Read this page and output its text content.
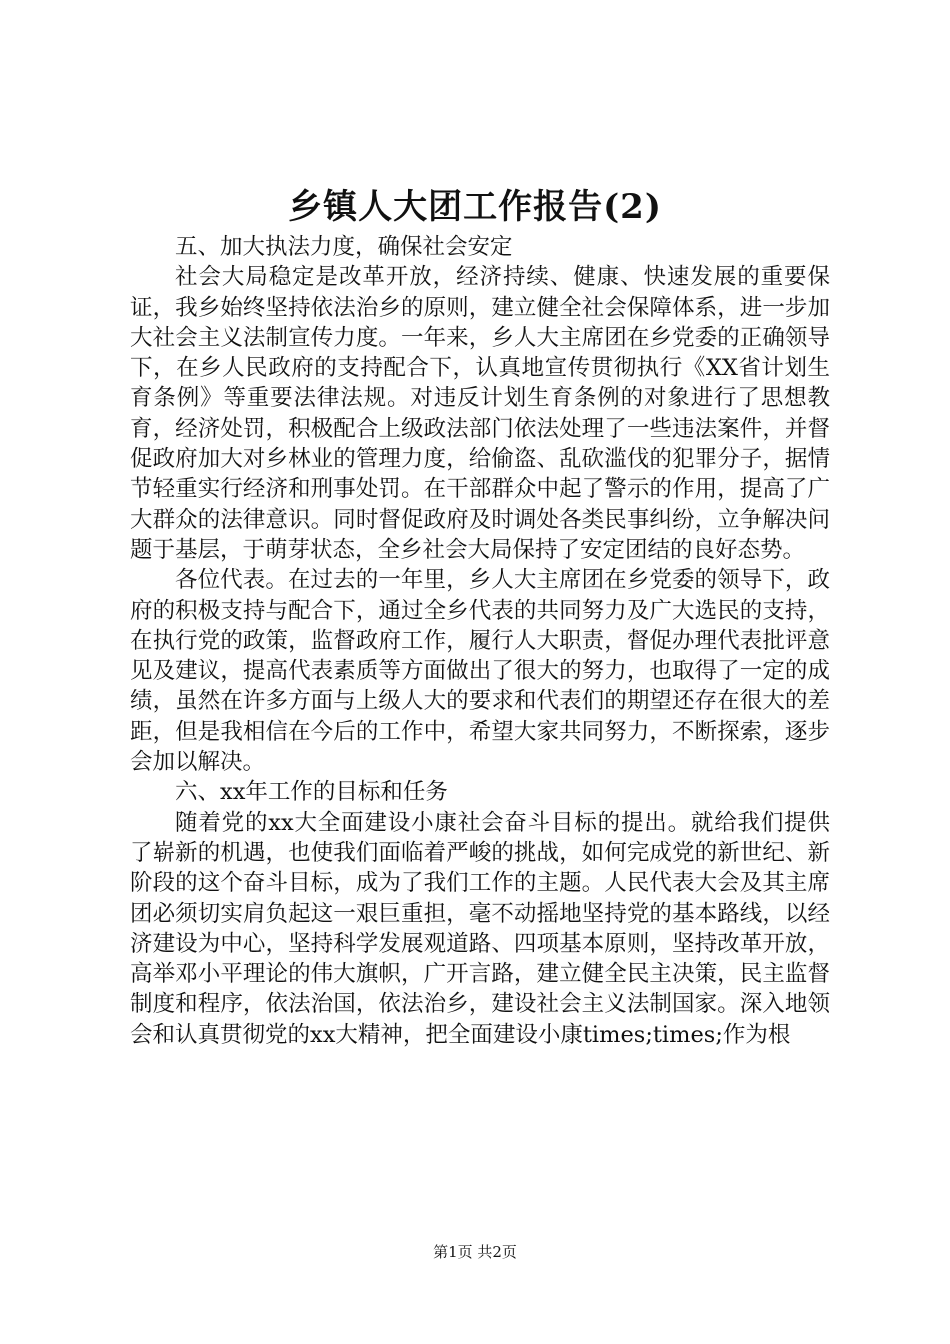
乡镇人大团工作报告(2)

五、加大执法力度，确保社会安定

社会大局稳定是改革开放，经济持续、健康、快速发展的重要保证，我乡始终坚持依法治乡的原则，建立健全社会保障体系，进一步加大社会主义法制宣传力度。一年来，乡人大主席团在乡党委的正确领导下，在乡人民政府的支持配合下，认真地宣传贯彻执行《XX省计划生育条例》等重要法律法规。对违反计划生育条例的对象进行了思想教育，经济处罚，积极配合上级政法部门依法处理了一些违法案件，并督促政府加大对乡林业的管理力度，给偷盗、乱砍滥伐的犯罪分子，据情节轻重实行经济和刑事处罚。在干部群众中起了警示的作用，提高了广大群众的法律意识。同时督促政府及时调处各类民事纠纷，立争解决问题于基层，于萌芽状态，全乡社会大局保持了安定团结的良好态势。

各位代表。在过去的一年里，乡人大主席团在乡党委的领导下，政府的积极支持与配合下，通过全乡代表的共同努力及广大选民的支持，在执行党的政策，监督政府工作，履行人大职责，督促办理代表批评意见及建议，提高代表素质等方面做出了很大的努力，也取得了一定的成绩，虽然在许多方面与上级人大的要求和代表们的期望还存在很大的差距，但是我相信在今后的工作中，希望大家共同努力，不断探索，逐步会加以解决。

六、xx年工作的目标和任务

随着党的xx大全面建设小康社会奋斗目标的提出。就给我们提供了崭新的机遇，也使我们面临着严峻的挑战，如何完成党的新世纪、新阶段的这个奋斗目标，成为了我们工作的主题。人民代表大会及其主席团必须切实肩负起这一艰巨重担，毫不动摇地坚持党的基本路线，以经济建设为中心，坚持科学发展观道路、四项基本原则，坚持改革开放，高举邓小平理论的伟大旗帜，广开言路，建立健全民主决策，民主监督制度和程序，依法治国，依法治乡，建设社会主义法制国家。深入地领会和认真贯彻党的xx大精神，把全面建设小康times;times;作为根

第1页 共2页
